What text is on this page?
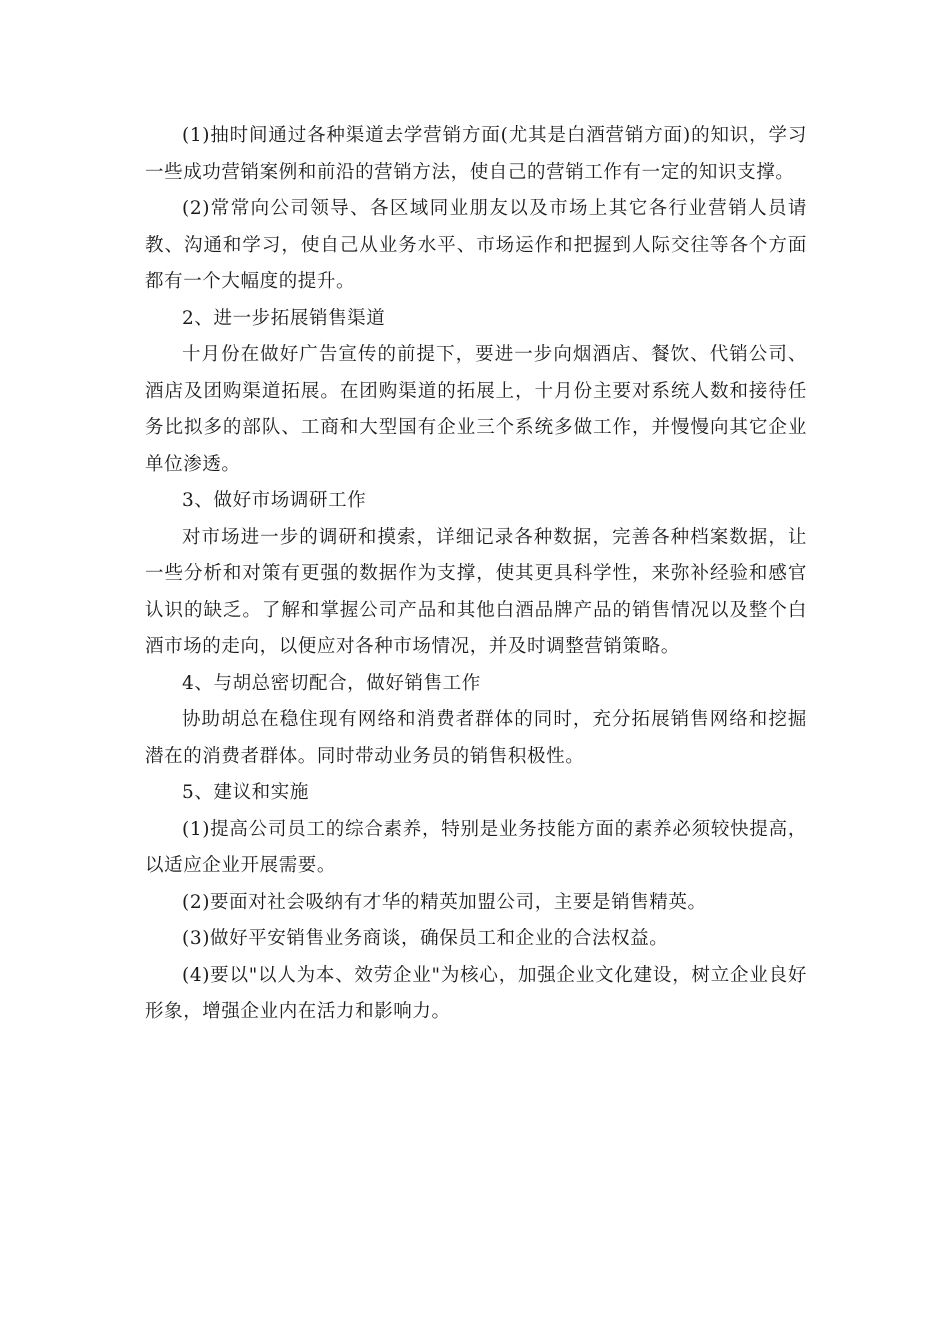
(1)抽时间通过各种渠道去学营销方面(尤其是白酒营销方面)的知识，学习一些成功营销案例和前沿的营销方法，使自己的营销工作有一定的知识支撑。

(2)常常向公司领导、各区域同业朋友以及市场上其它各行业营销人员请教、沟通和学习，使自己从业务水平、市场运作和把握到人际交往等各个方面都有一个大幅度的提升。

2、进一步拓展销售渠道

十月份在做好广告宣传的前提下，要进一步向烟酒店、餐饮、代销公司、酒店及团购渠道拓展。在团购渠道的拓展上，十月份主要对系统人数和接待任务比拟多的部队、工商和大型国有企业三个系统多做工作，并慢慢向其它企业单位渗透。

3、做好市场调研工作

对市场进一步的调研和摸索，详细记录各种数据，完善各种档案数据，让一些分析和对策有更强的数据作为支撑，使其更具科学性，来弥补经验和感官认识的缺乏。了解和掌握公司产品和其他白酒品牌产品的销售情况以及整个白酒市场的走向，以便应对各种市场情况，并及时调整营销策略。

4、与胡总密切配合，做好销售工作

协助胡总在稳住现有网络和消费者群体的同时，充分拓展销售网络和挖掘潜在的消费者群体。同时带动业务员的销售积极性。

5、建议和实施

(1)提高公司员工的综合素养，特别是业务技能方面的素养必须较快提高，以适应企业开展需要。

(2)要面对社会吸纳有才华的精英加盟公司，主要是销售精英。

(3)做好平安销售业务商谈，确保员工和企业的合法权益。

(4)要以"以人为本、效劳企业"为核心，加强企业文化建设，树立企业良好形象，增强企业内在活力和影响力。
